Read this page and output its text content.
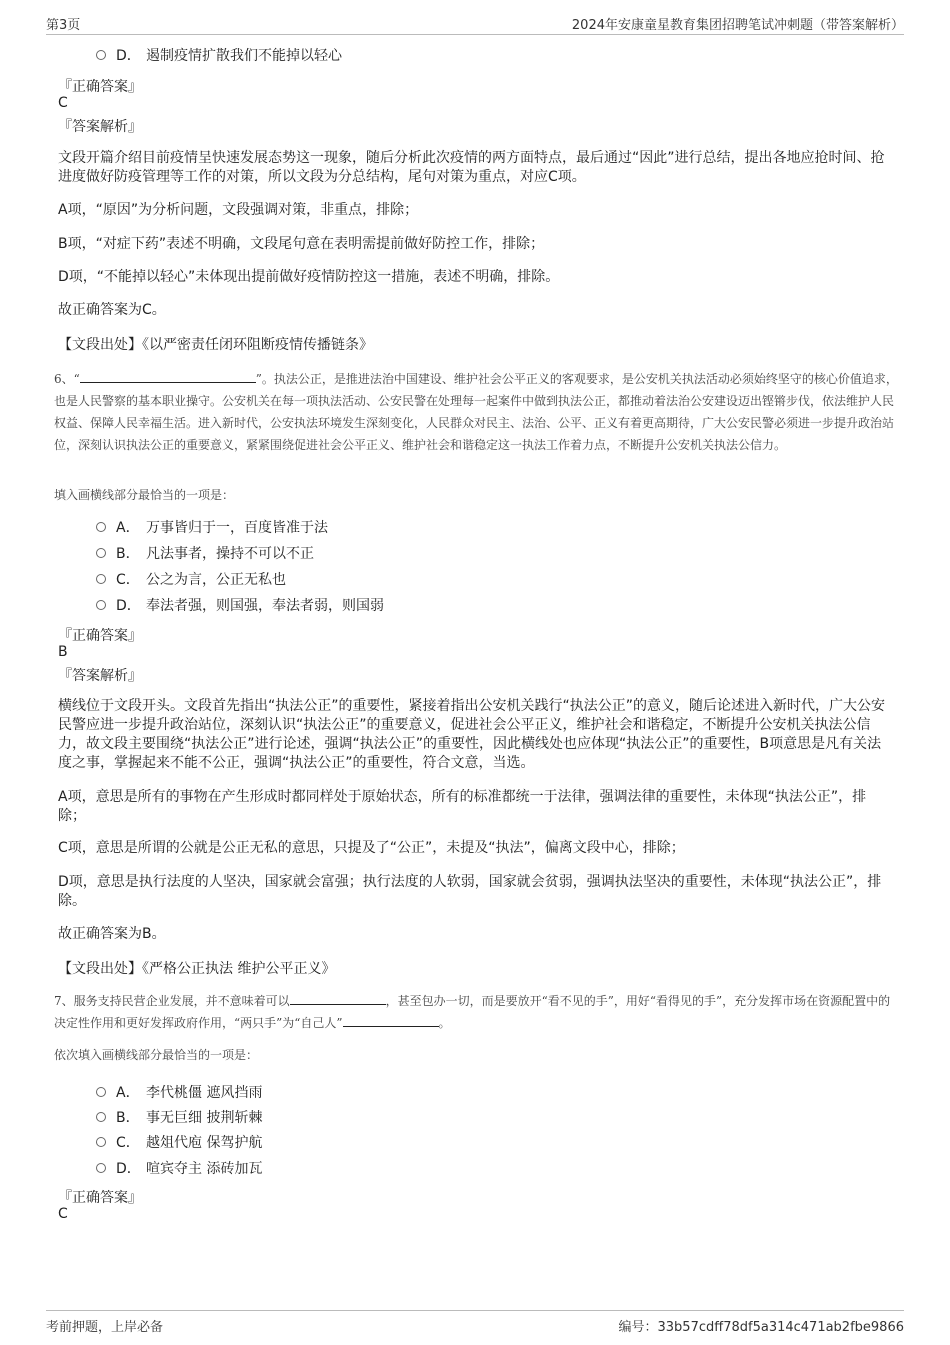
第3页	2024年安康童星教育集团招聘笔试冲刺题（带答案解析）
D． 遏制疫情扩散我们不能掉以轻心
『正确答案』
C
『答案解析』
文段开篇介绍目前疫情呈快速发展态势这一现象，随后分析此次疫情的两方面特点，最后通过“因此”进行总结，提出各地应抢时间、抢进度做好防疫管理等工作的对策，所以文段为分总结构，尾句对策为重点，对应C项。
A项，“原因”为分析问题，文段强调对策，非重点，排除；
B项，“对症下药”表述不明确，文段尾句意在表明需提前做好防控工作，排除；
D项，“不能掉以轻心”未体现出提前做好疫情防控这一措施，表述不明确，排除。
故正确答案为C。
【文段出处】《以严密责任闭环阻断疫情传播链条》
6、“	”。执法公正，是推进法治中国建设、维护社会公平正义的客观要求，是公安机关执法活动必须始终坚守的核心价值追求，也是人民警察的基本职业操守。公安机关在每一项执法活动、公安民警在处理每一起案件中做到执法公正，都推动着法治公安建设迈出铿锵步伐，依法维护人民权益、保障人民幸福生活。进入新时代，公安执法环境发生深刻变化，人民群众对民主、法治、公平、正义有着更高期待，广大公安民警必须进一步提升政治站位，深刻认识执法公正的重要意义，紧紧围绕促进社会公平正义、维护社会和谐稳定这一执法工作着力点，不断提升公安机关执法公信力。
填入画横线部分最恰当的一项是：
A． 万事皆归于一，百度皆准于法
B． 凡法事者，操持不可以不正
C． 公之为言，公正无私也
D． 奉法者强，则国强，奉法者弱，则国弱
『正确答案』
B
『答案解析』
横线位于文段开头。文段首先指出“执法公正”的重要性，紧接着指出公安机关践行“执法公正”的意义，随后论述进入新时代，广大公安民警应进一步提升政治站位，深刻认识“执法公正”的重要意义，促进社会公平正义，维护社会和谐稳定，不断提升公安机关执法公信力，故文段主要围绕“执法公正”进行论述，强调“执法公正”的重要性，因此横线处也应体现“执法公正”的重要性，B项意思是凡有关法度之事，掌握起来不能不公正，强调“执法公正”的重要性，符合文意，当选。
A项，意思是所有的事物在产生形成时都同样处于原始状态，所有的标准都统一于法律，强调法律的重要性，未体现“执法公正”，排除；
C项，意思是所谓的公就是公正无私的意思，只提及了“公正”，未提及“执法”，偏离文段中心，排除；
D项，意思是执行法度的人坚决，国家就会富强；执行法度的人软弱，国家就会贫弱，强调执法坚决的重要性，未体现“执法公正”，排除。
故正确答案为B。
【文段出处】《严格公正执法 维护公平正义》
7、服务支持民营企业发展，并不意味着可以	，甚至包办一切，而是要放开“看不见的手”，用好“看得见的手”，充分发挥市场在资源配置中的决定性作用和更好发挥政府作用，“两只手”为“自己人”	。
依次填入画横线部分最恰当的一项是：
A． 李代桃僵 遮风挡雨
B． 事无巨细 披荆斩棘
C． 越俎代庖 保驾护航
D． 喧宾夺主 添砖加瓦
『正确答案』
C
考前押题，上岸必备	编号：33b57cdff78df5a314c471ab2fbe9866
